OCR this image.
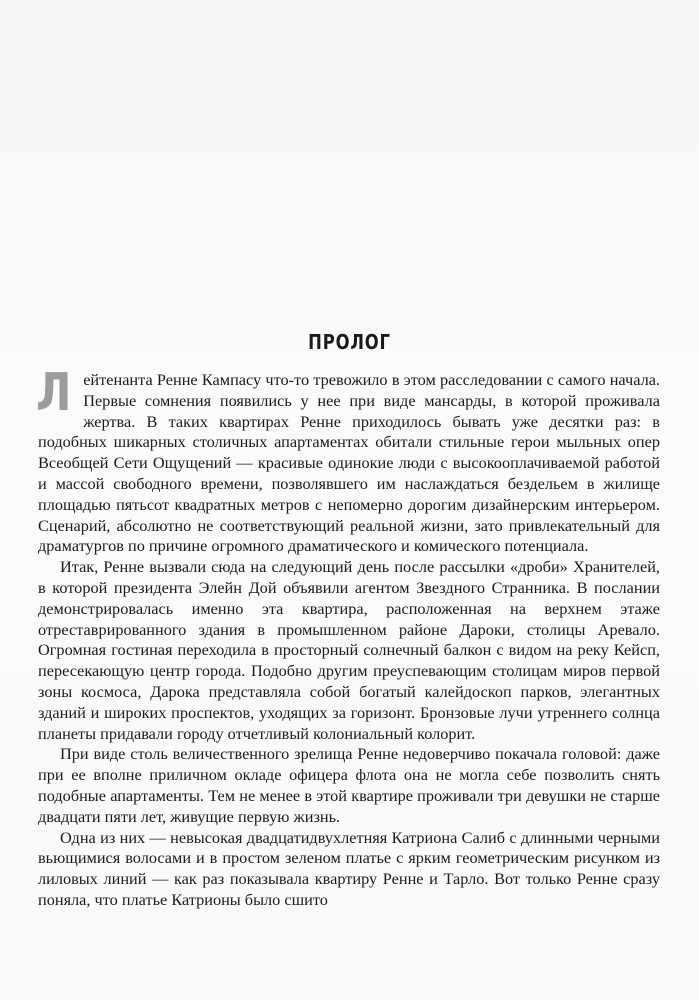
ПРОЛОГ

Лейтенанта Ренне Кампасу что-то тревожило в этом расследовании с самого начала. Первые сомнения появились у нее при виде мансарды, в которой проживала жертва. В таких квартирах Ренне приходилось бывать уже десятки раз: в подобных шикарных столичных апартаментах обитали стильные герои мыльных опер Всеобщей Сети Ощущений — красивые одинокие люди с высокооплачиваемой работой и массой свободного времени, позволявшего им наслаждаться бездельем в жилище площадью пятьсот квадратных метров с непомерно дорогим дизайнерским интерьером. Сценарий, абсолютно не соответствующий реальной жизни, зато привлекательный для драматургов по причине огромного драматического и комического потенциала.

Итак, Ренне вызвали сюда на следующий день после рассылки «дроби» Хранителей, в которой президента Элейн Дой объявили агентом Звездного Странника. В послании демонстрировалась именно эта квартира, расположенная на верхнем этаже отреставрированного здания в промышленном районе Дароки, столицы Аревало. Огромная гостиная переходила в просторный солнечный балкон с видом на реку Кейсп, пересекающую центр города. Подобно другим преуспевающим столицам миров первой зоны космоса, Дарока представляла собой богатый калейдоскоп парков, элегантных зданий и широких проспектов, уходящих за горизонт. Бронзовые лучи утреннего солнца планеты придавали городу отчетливый колониальный колорит.

При виде столь величественного зрелища Ренне недоверчиво покачала головой: даже при ее вполне приличном окладе офицера флота она не могла себе позволить снять подобные апартаменты. Тем не менее в этой квартире проживали три девушки не старше двадцати пяти лет, живущие первую жизнь.

Одна из них — невысокая двадцатидвухлетняя Катриона Салиб с длинными черными вьющимися волосами и в простом зеленом платье с ярким геометрическим рисунком из лиловых линий — как раз показывала квартиру Ренне и Тарло. Вот только Ренне сразу поняла, что платье Катрионы было сшито
